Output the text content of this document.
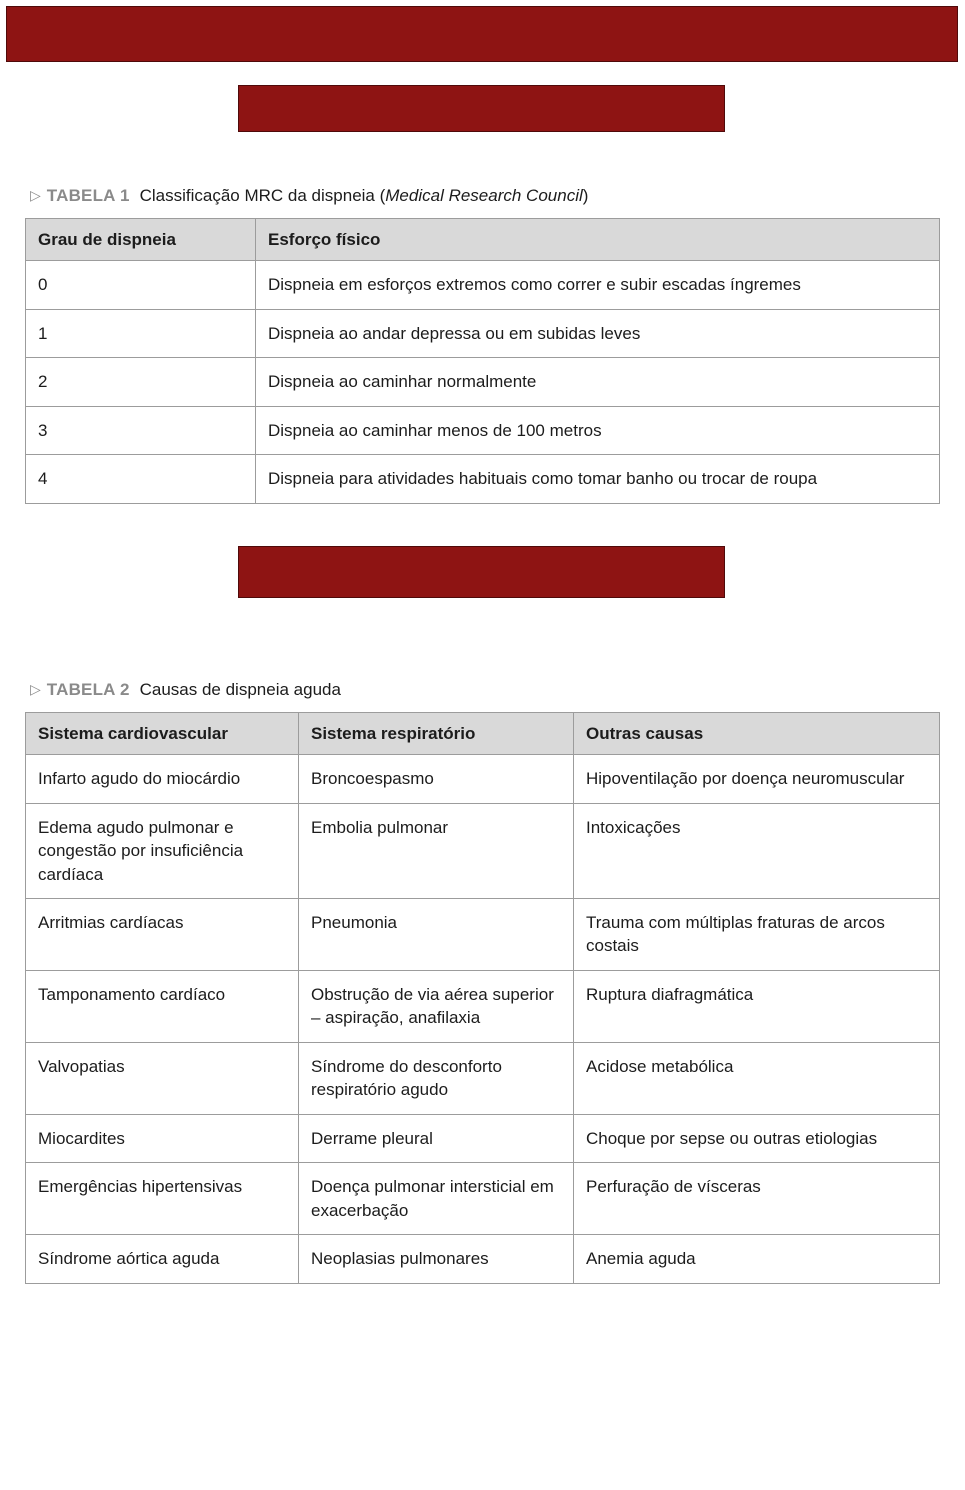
▷ TABELA 1 Classificação MRC da dispneia (Medical Research Council)
Grau de dispneia	Esforço físico
0	Dispneia em esforços extremos como correr e subir escadas íngremes
1	Dispneia ao andar depressa ou em subidas leves
2	Dispneia ao caminhar normalmente
3	Dispneia ao caminhar menos de 100 metros
4	Dispneia para atividades habituais como tomar banho ou trocar de roupa
▷ TABELA 2 Causas de dispneia aguda
Sistema cardiovascular	Sistema respiratório	Outras causas
Infarto agudo do miocárdio	Broncoespasmo	Hipoventilação por doença neuromuscular
Edema agudo pulmonar e congestão por insuficiência cardíaca	Embolia pulmonar	Intoxicações
Arritmias cardíacas	Pneumonia	Trauma com múltiplas fraturas de arcos costais
Tamponamento cardíaco	Obstrução de via aérea superior – aspiração, anafilaxia	Ruptura diafragmática
Valvopatias	Síndrome do desconforto respiratório agudo	Acidose metabólica
Miocardites	Derrame pleural	Choque por sepse ou outras etiologias
Emergências hipertensivas	Doença pulmonar intersticial em exacerbação	Perfuração de vísceras
Síndrome aórtica aguda	Neoplasias pulmonares	Anemia aguda
